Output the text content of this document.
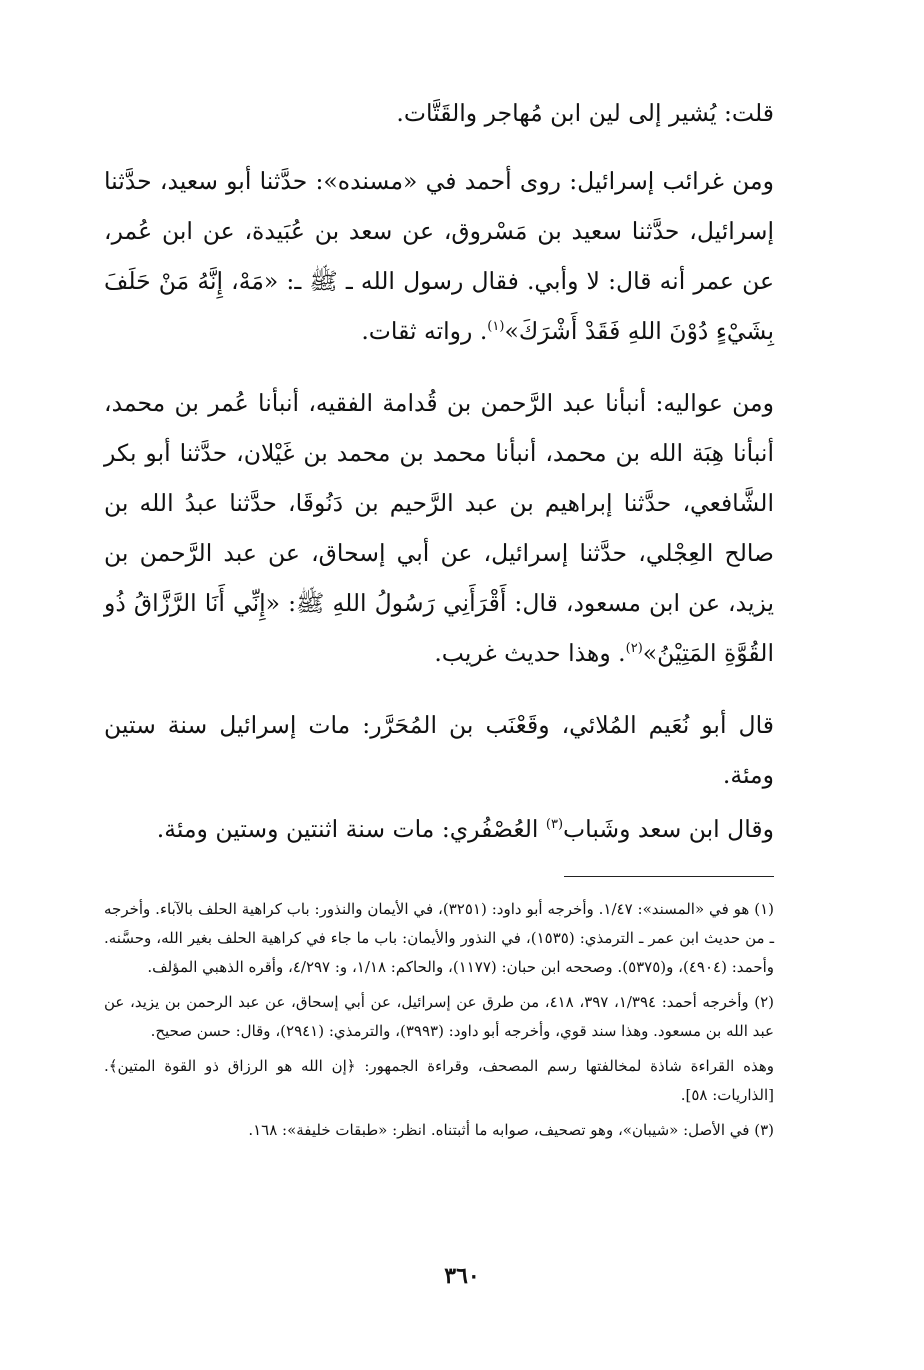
قلت: يُشير إلى لين ابن مُهاجر والقَتَّات.

ومن غرائب إسرائيل: روى أحمد في «مسنده»: حدَّثنا أبو سعيد، حدَّثنا إسرائيل، حدَّثنا سعيد بن مَسْروق، عن سعد بن عُبَيدة، عن ابن عُمر، عن عمر أنه قال: لا وأبي. فقال رسول الله ـ ﷺ ـ: «مَهْ، إِنَّهُ مَنْ حَلَفَ بِشَيْءٍ دُوْنَ اللهِ فَقَدْ أَشْرَكَ»$^{(١)}$. رواته ثقات.

ومن عواليه: أنبأنا عبد الرَّحمن بن قُدامة الفقيه، أنبأنا عُمر بن محمد، أنبأنا هِبَة الله بن محمد، أنبأنا محمد بن محمد بن غَيْلان، حدَّثنا أبو بكر الشَّافعي، حدَّثنا إبراهيم بن عبد الرَّحيم بن دَنُوقَا، حدَّثنا عبدُ الله بن صالح العِجْلي، حدَّثنا إسرائيل، عن أبي إسحاق، عن عبد الرَّحمن بن يزيد، عن ابن مسعود، قال: أَقْرَأَنِي رَسُولُ اللهِ ﷺ: «إِنِّي أَنَا الرَّزَّاقُ ذُو القُوَّةِ المَتِيْنُ»$^{(٢)}$. وهذا حديث غريب.

قال أبو نُعَيم المُلائي، وقَعْنَب بن المُحَرَّر: مات إسرائيل سنة ستين ومئة.

وقال ابن سعد وشَباب$^{(٣)}$ العُصْفُري: مات سنة اثنتين وستين ومئة.

(١) هو في «المسند»: ١/٤٧. وأخرجه أبو داود: (٣٢٥١)، في الأيمان والنذور: باب كراهية الحلف بالآباء. وأخرجه ـ من حديث ابن عمر ـ الترمذي: (١٥٣٥)، في النذور والأيمان: باب ما جاء في كراهية الحلف بغير الله، وحسَّنه. وأحمد: (٤٩٠٤)، و(٥٣٧٥). وصححه ابن حبان: (١١٧٧)، والحاكم: ١/١٨، و: ٤/٢٩٧، وأقره الذهبي المؤلف.

(٢) وأخرجه أحمد: ١/٣٩٤، ٣٩٧، ٤١٨، من طرق عن إسرائيل، عن أبي إسحاق، عن عبد الرحمن بن يزيد، عن عبد الله بن مسعود. وهذا سند قوي، وأخرجه أبو داود: (٣٩٩٣)، والترمذي: (٢٩٤١)، وقال: حسن صحيح.

وهذه القراءة شاذة لمخالفتها رسم المصحف، وقراءة الجمهور: ﴿إن الله هو الرزاق ذو القوة المتين﴾. [الذاريات: ٥٨].

(٣) في الأصل: «شيبان»، وهو تصحيف، صوابه ما أثبتناه. انظر: «طبقات خليفة»: ١٦٨.

٣٦٠
